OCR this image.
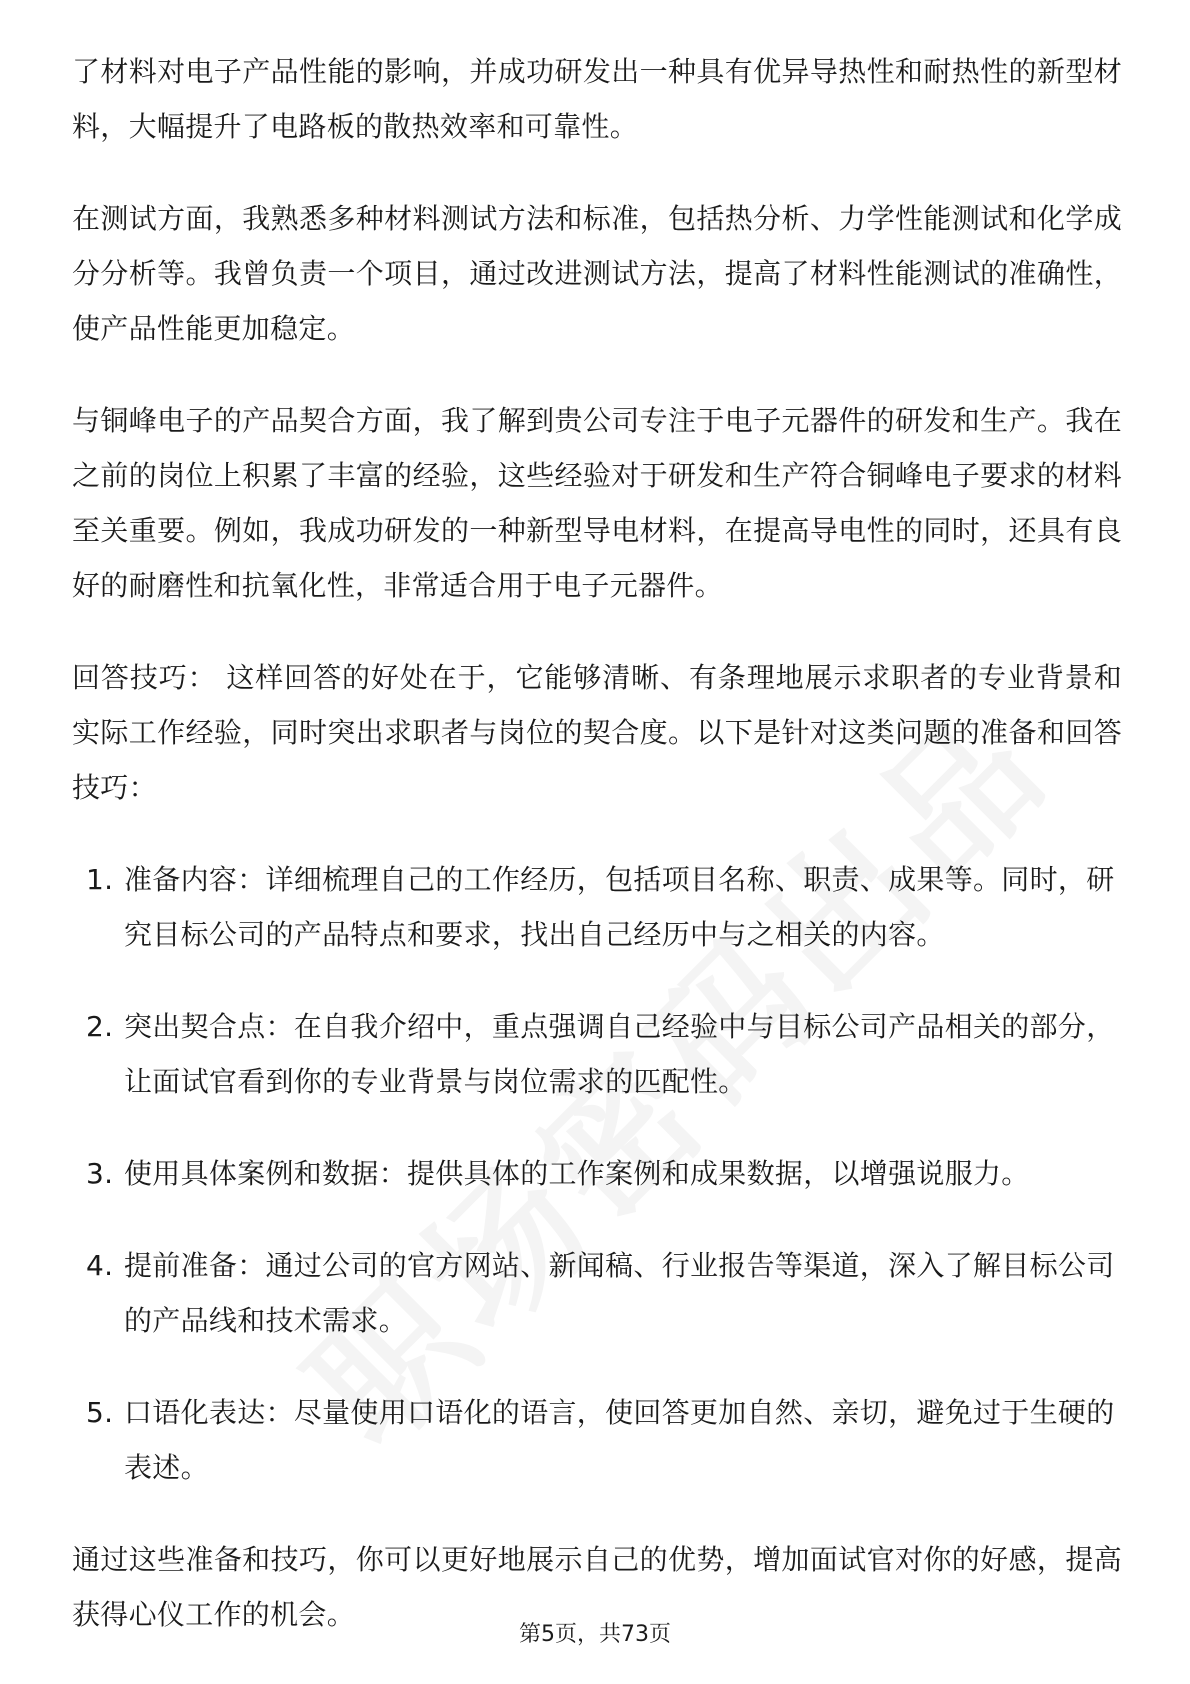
了材料对电子产品性能的影响，并成功研发出一种具有优异导热性和耐热性的新型材料，大幅提升了电路板的散热效率和可靠性。

在测试方面，我熟悉多种材料测试方法和标准，包括热分析、力学性能测试和化学成分分析等。我曾负责一个项目，通过改进测试方法，提高了材料性能测试的准确性，使产品性能更加稳定。

与铜峰电子的产品契合方面，我了解到贵公司专注于电子元器件的研发和生产。我在之前的岗位上积累了丰富的经验，这些经验对于研发和生产符合铜峰电子要求的材料至关重要。例如，我成功研发的一种新型导电材料，在提高导电性的同时，还具有良好的耐磨性和抗氧化性，非常适合用于电子元器件。

回答技巧： 这样回答的好处在于，它能够清晰、有条理地展示求职者的专业背景和实际工作经验，同时突出求职者与岗位的契合度。以下是针对这类问题的准备和回答技巧：

1. 准备内容：详细梳理自己的工作经历，包括项目名称、职责、成果等。同时，研究目标公司的产品特点和要求，找出自己经历中与之相关的内容。
2. 突出契合点：在自我介绍中，重点强调自己经验中与目标公司产品相关的部分，让面试官看到你的专业背景与岗位需求的匹配性。
3. 使用具体案例和数据：提供具体的工作案例和成果数据，以增强说服力。
4. 提前准备：通过公司的官方网站、新闻稿、行业报告等渠道，深入了解目标公司的产品线和技术需求。
5. 口语化表达：尽量使用口语化的语言，使回答更加自然、亲切，避免过于生硬的表述。

通过这些准备和技巧，你可以更好地展示自己的优势，增加面试官对你的好感，提高获得心仪工作的机会。

第5页，共73页
